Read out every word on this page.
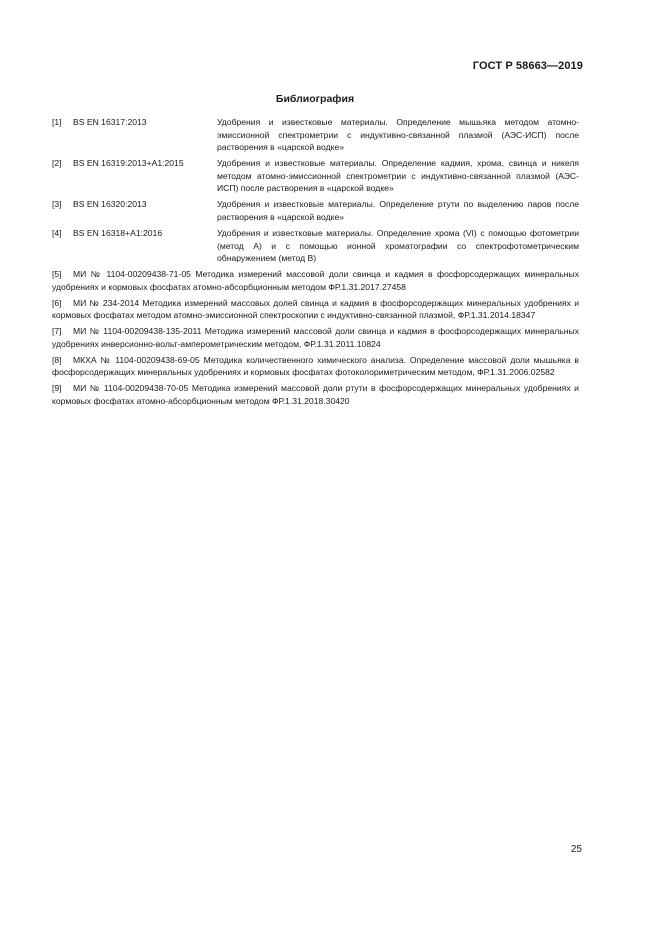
ГОСТ Р 58663—2019
Библиография
[1]	BS EN 16317:2013	Удобрения и известковые материалы. Определение мышьяка методом атомно-эмиссионной спектрометрии с индуктивно-связанной плазмой (АЭС-ИСП) после растворения в «царской водке»
[2]	BS EN 16319:2013+A1:2015	Удобрения и известковые материалы. Определение кадмия, хрома, свинца и никеля методом атомно-эмиссионной спектрометрии с индуктивно-связанной плазмой (АЭС-ИСП) после растворения в «царской водке»
[3]	BS EN 16320:2013	Удобрения и известковые материалы. Определение ртути по выделению паров после растворения в «царской водке»
[4]	BS EN 16318+A1:2016	Удобрения и известковые материалы. Определение хрома (VI) с помощью фотометрии (метод А) и с помощью ионной хроматографии со спектрофотометрическим обнаружением (метод В)
[5] МИ № 1104-00209438-71-05 Методика измерений массовой доли свинца и кадмия в фосфорсодержащих минеральных удобрениях и кормовых фосфатах атомно-абсорбционным методом ФР.1.31.2017.27458
[6] МИ № 234-2014 Методика измерений массовых долей свинца и кадмия в фосфорсодержащих минеральных удобрениях и кормовых фосфатах методом атомно-эмиссионной спектроскопии с индуктивно-связанной плазмой, ФР.1.31.2014.18347
[7] МИ № 1104-00209438-135-2011 Методика измерений массовой доли свинца и кадмия в фосфорсодержащих минеральных удобрениях инверсионно-вольт-амперометрическим методом, ФР.1.31.2011.10824
[8] МКХА № 1104-00209438-69-05 Методика количественного химического анализа. Определение массовой доли мышьяка в фосфорсодержащих минеральных удобрениях и кормовых фосфатах фотоколориметрическим методом, ФР.1.31.2006.02582
[9] МИ № 1104-00209438-70-05 Методика измерений массовой доли ртути в фосфорсодержащих минеральных удобрениях и кормовых фосфатах атомно-абсорбционным методом ФР.1.31.2018.30420
25
